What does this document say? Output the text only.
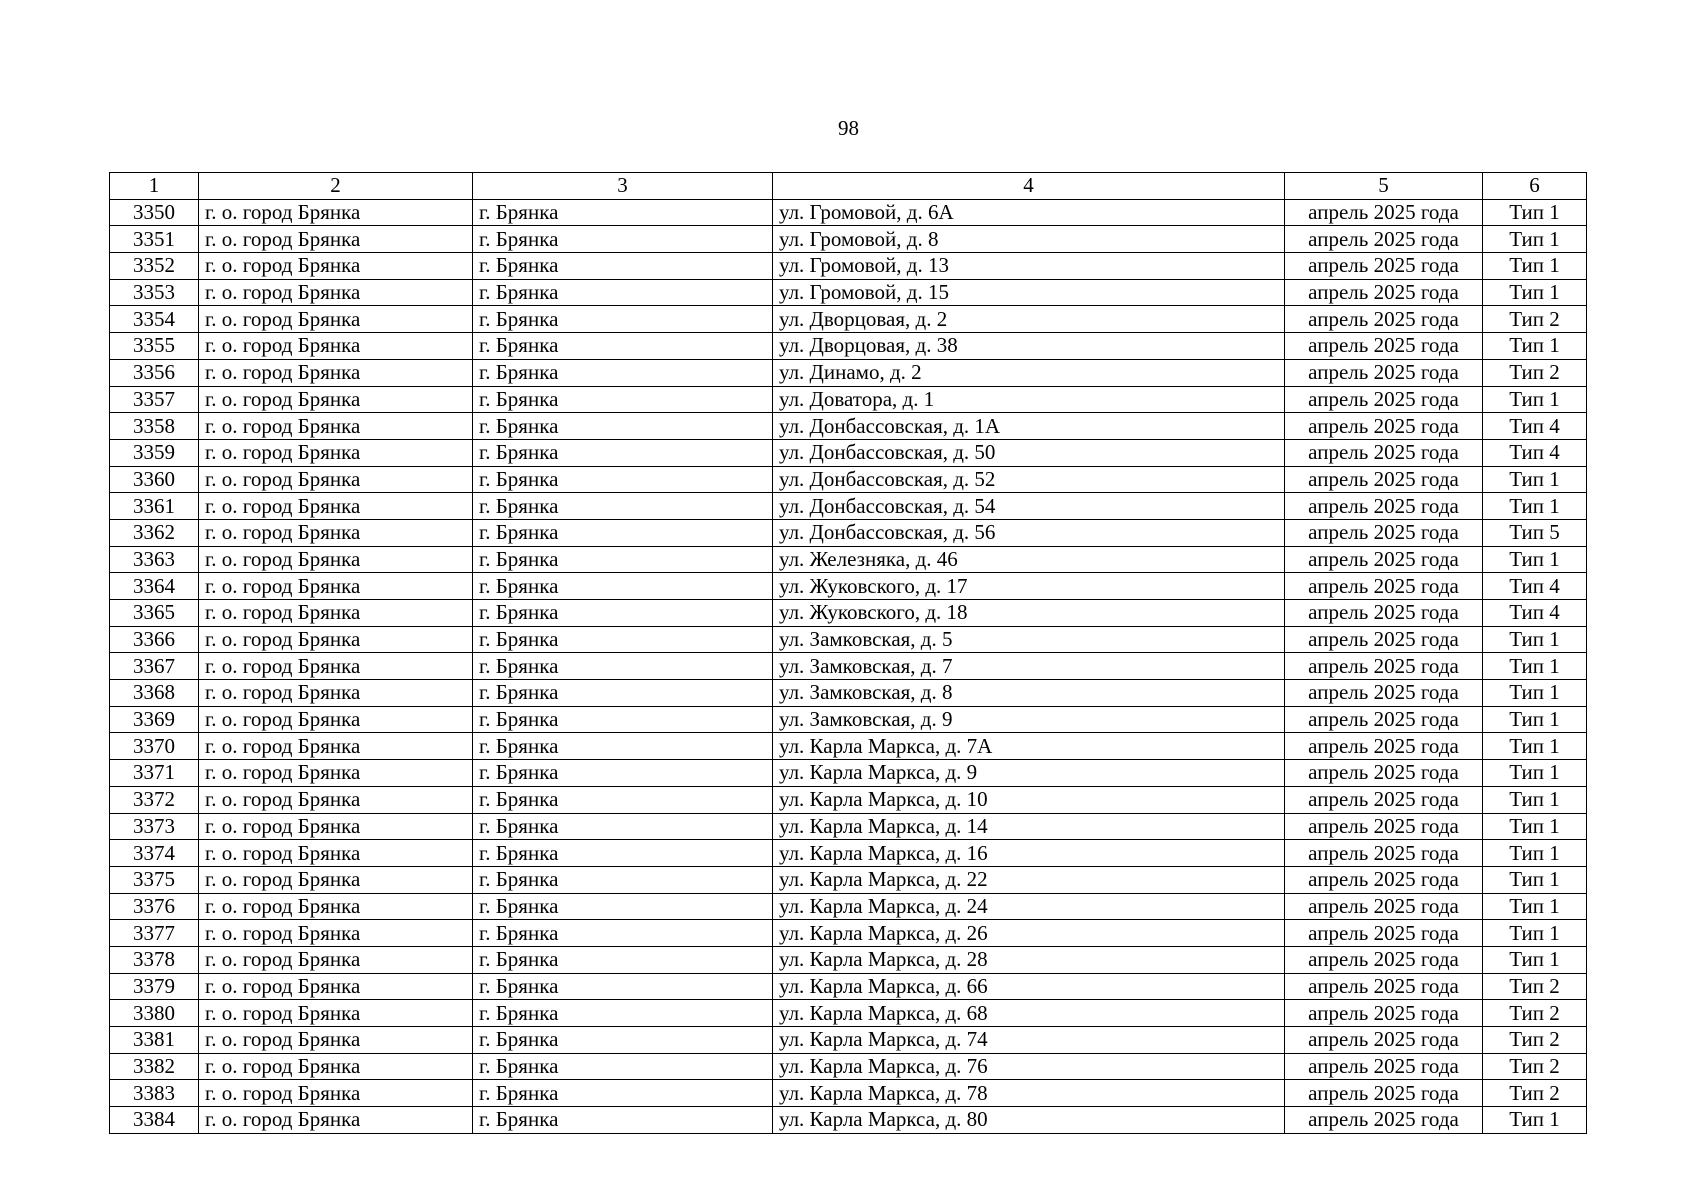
98
1	2	3	4	5	6
3350	г. о. город Брянка	г. Брянка	ул. Громовой, д. 6А	апрель 2025 года	Тип 1
3351	г. о. город Брянка	г. Брянка	ул. Громовой, д. 8	апрель 2025 года	Тип 1
3352	г. о. город Брянка	г. Брянка	ул. Громовой, д. 13	апрель 2025 года	Тип 1
3353	г. о. город Брянка	г. Брянка	ул. Громовой, д. 15	апрель 2025 года	Тип 1
3354	г. о. город Брянка	г. Брянка	ул. Дворцовая, д. 2	апрель 2025 года	Тип 2
3355	г. о. город Брянка	г. Брянка	ул. Дворцовая, д. 38	апрель 2025 года	Тип 1
3356	г. о. город Брянка	г. Брянка	ул. Динамо, д. 2	апрель 2025 года	Тип 2
3357	г. о. город Брянка	г. Брянка	ул. Доватора, д. 1	апрель 2025 года	Тип 1
3358	г. о. город Брянка	г. Брянка	ул. Донбассовская, д. 1А	апрель 2025 года	Тип 4
3359	г. о. город Брянка	г. Брянка	ул. Донбассовская, д. 50	апрель 2025 года	Тип 4
3360	г. о. город Брянка	г. Брянка	ул. Донбассовская, д. 52	апрель 2025 года	Тип 1
3361	г. о. город Брянка	г. Брянка	ул. Донбассовская, д. 54	апрель 2025 года	Тип 1
3362	г. о. город Брянка	г. Брянка	ул. Донбассовская, д. 56	апрель 2025 года	Тип 5
3363	г. о. город Брянка	г. Брянка	ул. Железняка, д. 46	апрель 2025 года	Тип 1
3364	г. о. город Брянка	г. Брянка	ул. Жуковского, д. 17	апрель 2025 года	Тип 4
3365	г. о. город Брянка	г. Брянка	ул. Жуковского, д. 18	апрель 2025 года	Тип 4
3366	г. о. город Брянка	г. Брянка	ул. Замковская, д. 5	апрель 2025 года	Тип 1
3367	г. о. город Брянка	г. Брянка	ул. Замковская, д. 7	апрель 2025 года	Тип 1
3368	г. о. город Брянка	г. Брянка	ул. Замковская, д. 8	апрель 2025 года	Тип 1
3369	г. о. город Брянка	г. Брянка	ул. Замковская, д. 9	апрель 2025 года	Тип 1
3370	г. о. город Брянка	г. Брянка	ул. Карла Маркса, д. 7А	апрель 2025 года	Тип 1
3371	г. о. город Брянка	г. Брянка	ул. Карла Маркса, д. 9	апрель 2025 года	Тип 1
3372	г. о. город Брянка	г. Брянка	ул. Карла Маркса, д. 10	апрель 2025 года	Тип 1
3373	г. о. город Брянка	г. Брянка	ул. Карла Маркса, д. 14	апрель 2025 года	Тип 1
3374	г. о. город Брянка	г. Брянка	ул. Карла Маркса, д. 16	апрель 2025 года	Тип 1
3375	г. о. город Брянка	г. Брянка	ул. Карла Маркса, д. 22	апрель 2025 года	Тип 1
3376	г. о. город Брянка	г. Брянка	ул. Карла Маркса, д. 24	апрель 2025 года	Тип 1
3377	г. о. город Брянка	г. Брянка	ул. Карла Маркса, д. 26	апрель 2025 года	Тип 1
3378	г. о. город Брянка	г. Брянка	ул. Карла Маркса, д. 28	апрель 2025 года	Тип 1
3379	г. о. город Брянка	г. Брянка	ул. Карла Маркса, д. 66	апрель 2025 года	Тип 2
3380	г. о. город Брянка	г. Брянка	ул. Карла Маркса, д. 68	апрель 2025 года	Тип 2
3381	г. о. город Брянка	г. Брянка	ул. Карла Маркса, д. 74	апрель 2025 года	Тип 2
3382	г. о. город Брянка	г. Брянка	ул. Карла Маркса, д. 76	апрель 2025 года	Тип 2
3383	г. о. город Брянка	г. Брянка	ул. Карла Маркса, д. 78	апрель 2025 года	Тип 2
3384	г. о. город Брянка	г. Брянка	ул. Карла Маркса, д. 80	апрель 2025 года	Тип 1
